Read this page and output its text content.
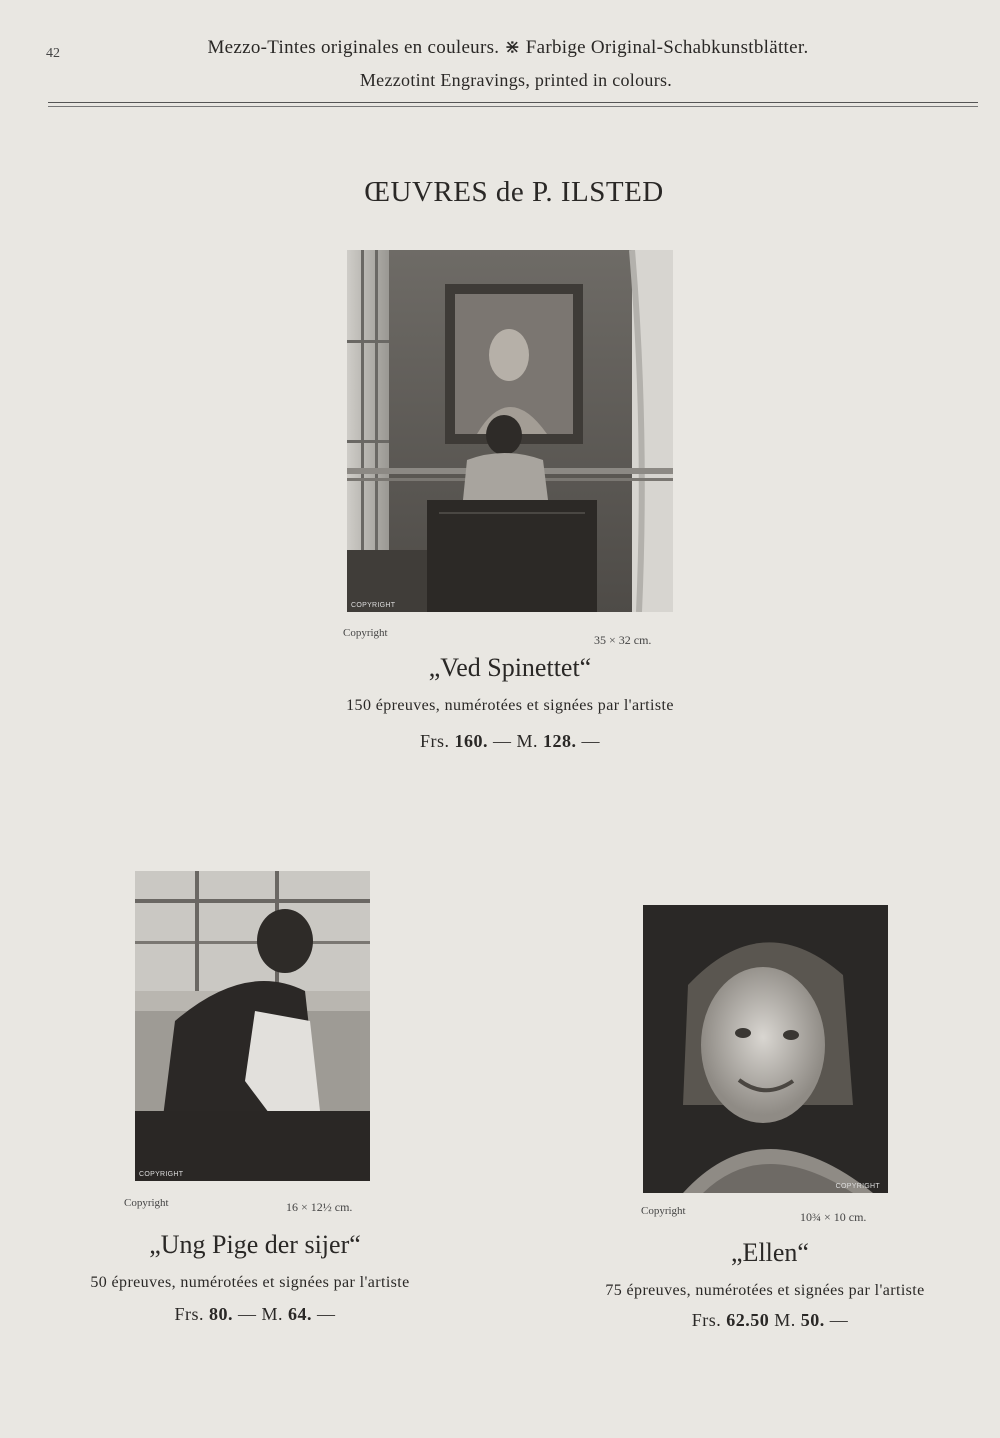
42	Mezzo-Tintes originales en couleurs. ⋇ Farbige Original-Schabkunstblätter.
Mezzotint Engravings, printed in colours.
ŒUVRES de P. ILSTED
COPYRIGHT
Copyright	35 × 32 cm.
„Ved Spinettet“
150 épreuves, numérotées et signées par l'artiste
Frs. 160. — M. 128. —
COPYRIGHT
Copyright	16 × 12½ cm.
„Ung Pige der sijer“
50 épreuves, numérotées et signées par l'artiste
Frs. 80. — M. 64. —
COPYRIGHT
Copyright	10¾ × 10 cm.
„Ellen“
75 épreuves, numérotées et signées par l'artiste
Frs. 62.50 M. 50. —
